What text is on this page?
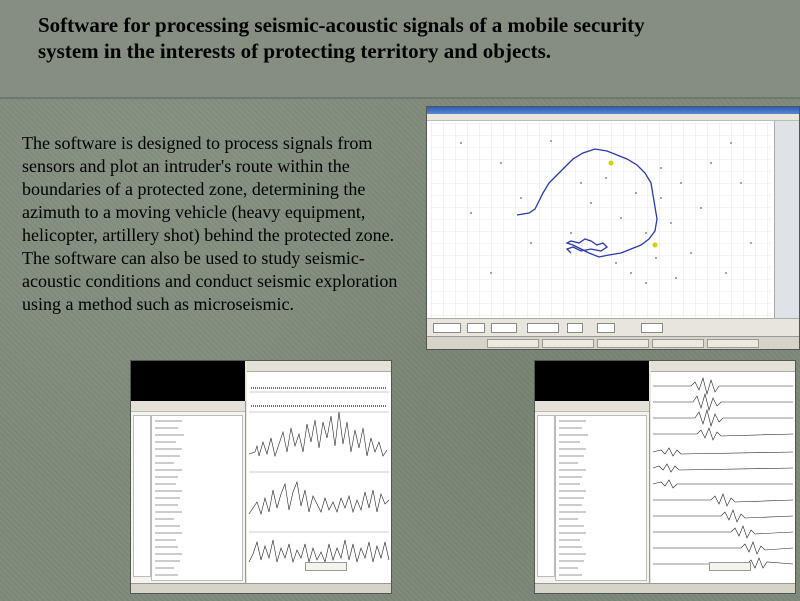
Software for processing seismic-acoustic signals of a mobile security
system in the interests of protecting territory and objects.

The software is designed to process signals from sensors and plot an intruder's route within the boundaries of a protected zone, determining the azimuth to a moving vehicle (heavy equipment, helicopter, artillery shot) behind the protected zone.

The software can also be used to study seismic-acoustic conditions and conduct seismic exploration using a method such as microseismic.
